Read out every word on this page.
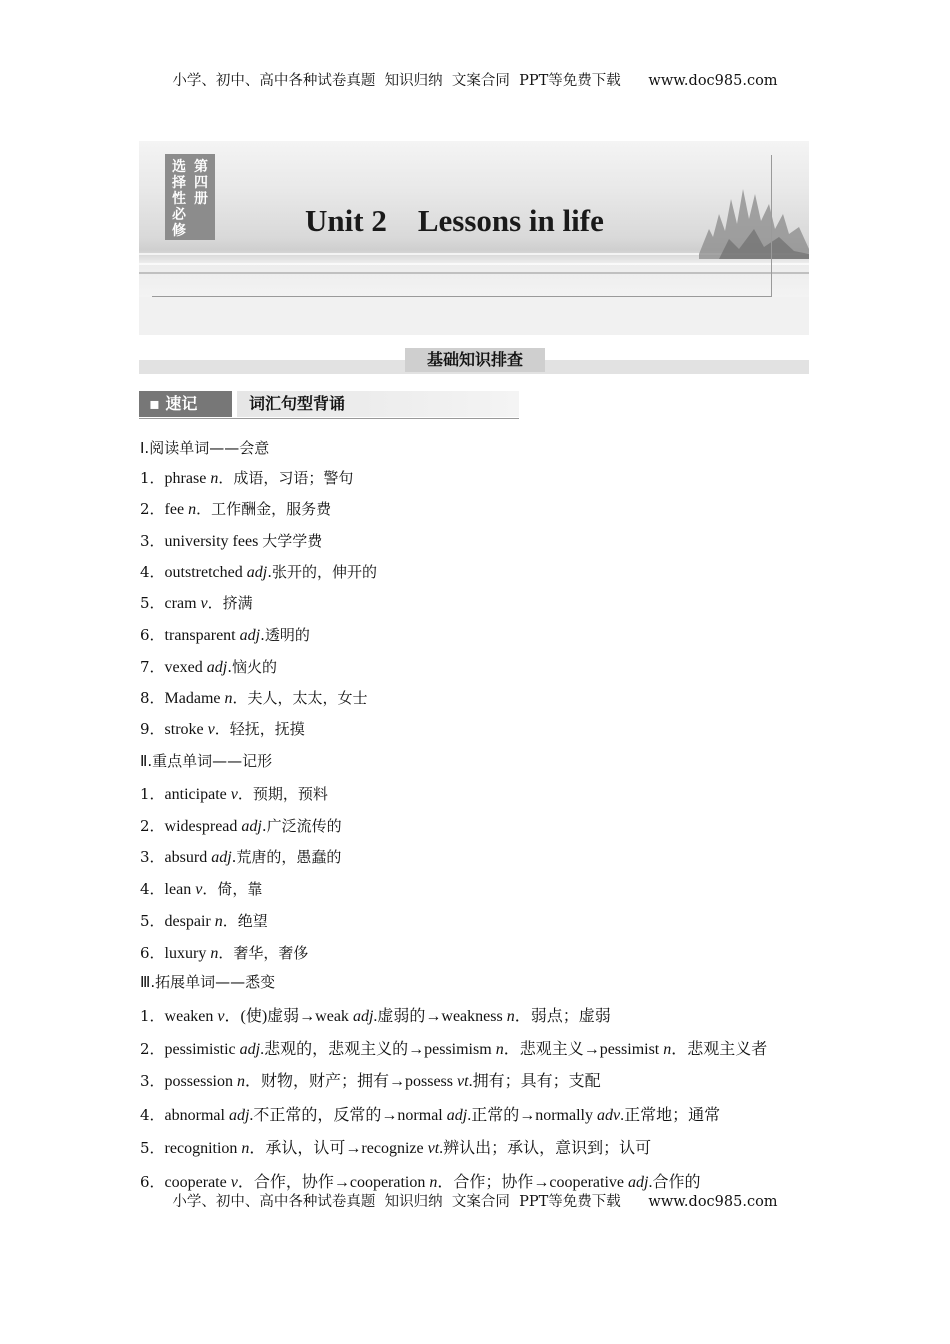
小学、初中、高中各种试卷真题  知识归纳  文案合同  PPT等免费下载      www.doc985.com
选择性必修
第四册
Unit 2    Lessons in life
基础知识排查
▪ 速记	词汇句型背诵
Ⅰ.阅读单词——会意
1．phrase n．成语，习语；警句
2．fee n．工作酬金，服务费
3．university fees 大学学费
4．outstretched adj.张开的，伸开的
5．cram v．挤满
6．transparent adj.透明的
7．vexed adj.恼火的
8．Madame n．夫人，太太，女士
9．stroke v．轻抚，抚摸
Ⅱ.重点单词——记形
1．anticipate v．预期，预料
2．widespread adj.广泛流传的
3．absurd adj.荒唐的，愚蠢的
4．lean v．倚，靠
5．despair n．绝望
6．luxury n．奢华，奢侈
Ⅲ.拓展单词——悉变
1．weaken v．(使)虚弱→weak adj.虚弱的→weakness n．弱点；虚弱
2．pessimistic adj.悲观的，悲观主义的→pessimism n．悲观主义→pessimist n．悲观主义者
3．possession n．财物，财产；拥有→possess vt.拥有；具有；支配
4．abnormal adj.不正常的，反常的→normal adj.正常的→normally adv.正常地；通常
5．recognition n．承认，认可→recognize vt.辨认出；承认，意识到；认可
6．cooperate v．合作，协作→cooperation n．合作；协作→cooperative adj.合作的
小学、初中、高中各种试卷真题  知识归纳  文案合同  PPT等免费下载      www.doc985.com
